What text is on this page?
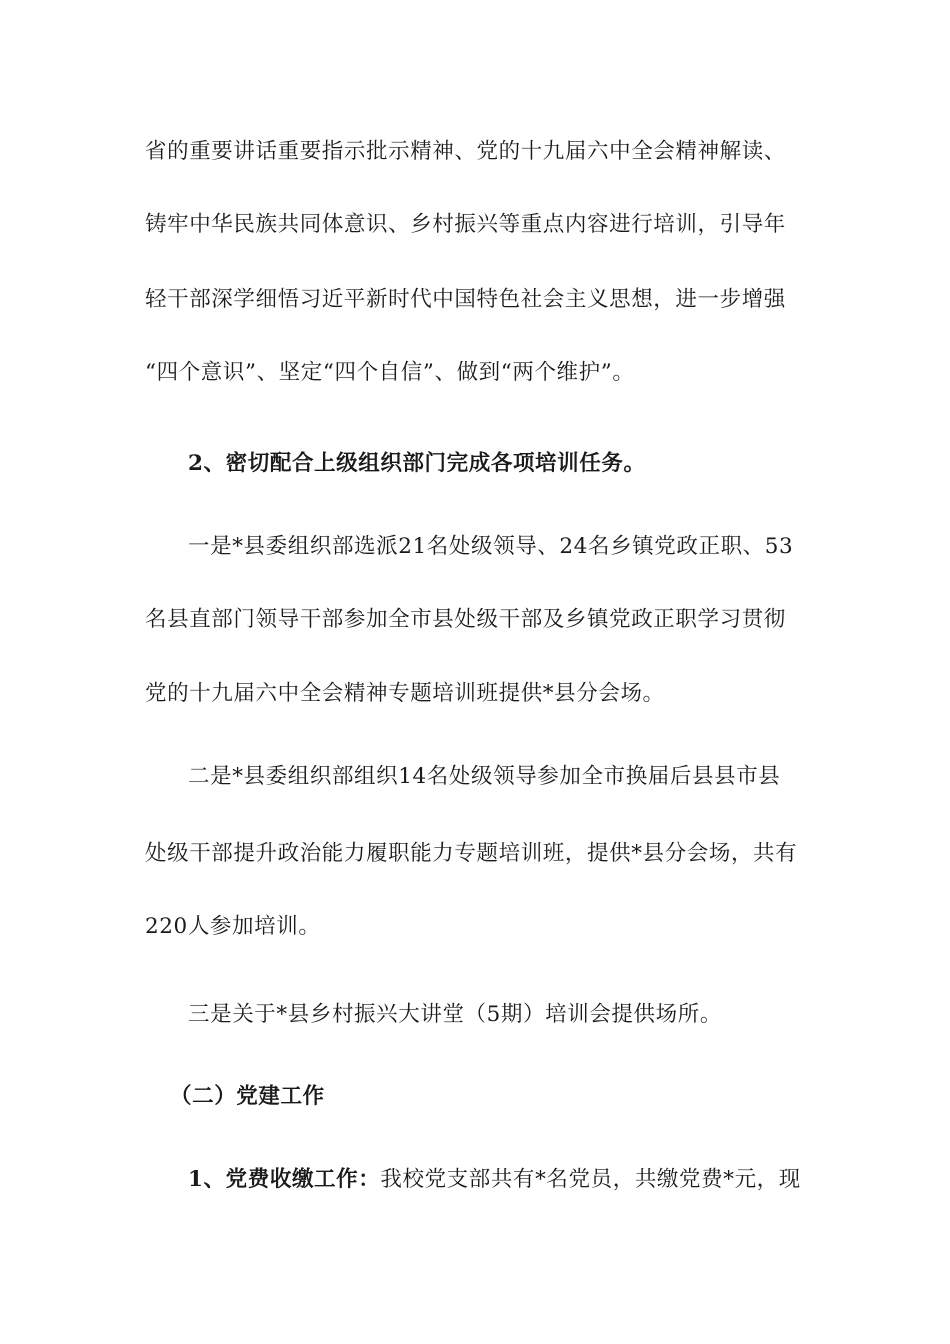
省的重要讲话重要指示批示精神、党的十九届六中全会精神解读、
铸牢中华民族共同体意识、乡村振兴等重点内容进行培训，引导年
轻干部深学细悟习近平新时代中国特色社会主义思想，进一步增强
“四个意识”、坚定“四个自信”、做到“两个维护”。
2、密切配合上级组织部门完成各项培训任务。
一是*县委组织部选派21名处级领导、24名乡镇党政正职、53
名县直部门领导干部参加全市县处级干部及乡镇党政正职学习贯彻
党的十九届六中全会精神专题培训班提供*县分会场。
二是*县委组织部组织14名处级领导参加全市换届后县县市县
处级干部提升政治能力履职能力专题培训班，提供*县分会场，共有
220人参加培训。
三是关于*县乡村振兴大讲堂（5期）培训会提供场所。
（二）党建工作
1、党费收缴工作：我校党支部共有*名党员，共缴党费*元，现
